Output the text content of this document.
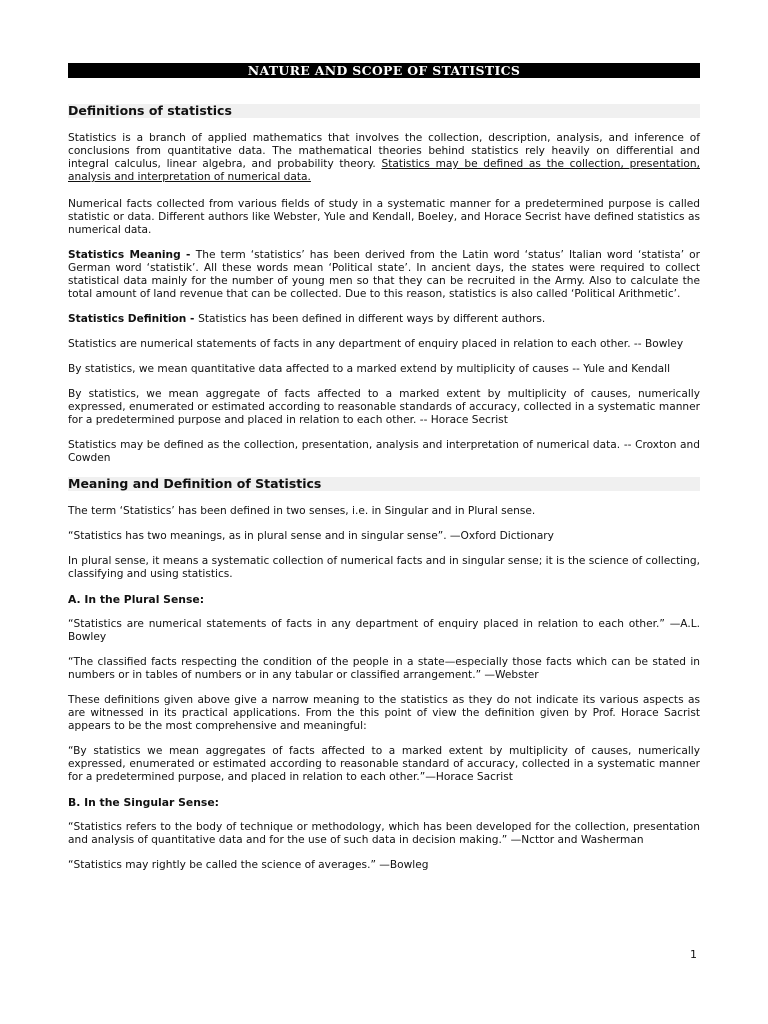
NATURE AND SCOPE OF STATISTICS
Definitions of statistics

Statistics is a branch of applied mathematics that involves the collection, description, analysis, and inference of conclusions from quantitative data. The mathematical theories behind statistics rely heavily on differential and integral calculus, linear algebra, and probability theory. Statistics may be defined as the collection, presentation, analysis and interpretation of numerical data.

Numerical facts collected from various fields of study in a systematic manner for a predetermined purpose is called statistic or data. Different authors like Webster, Yule and Kendall, Boeley, and Horace Secrist have defined statistics as numerical data.

Statistics Meaning - The term ‘statistics’ has been derived from the Latin word ‘status’ Italian word ‘statista’ or German word ‘statistik’. All these words mean ‘Political state’. In ancient days, the states were required to collect statistical data mainly for the number of young men so that they can be recruited in the Army. Also to calculate the total amount of land revenue that can be collected. Due to this reason, statistics is also called ‘Political Arithmetic’.

Statistics Definition - Statistics has been defined in different ways by different authors.

Statistics are numerical statements of facts in any department of enquiry placed in relation to each other. -- Bowley

By statistics, we mean quantitative data affected to a marked extend by multiplicity of causes -- Yule and Kendall

By statistics, we mean aggregate of facts affected to a marked extent by multiplicity of causes, numerically expressed, enumerated or estimated according to reasonable standards of accuracy, collected in a systematic manner for a predetermined purpose and placed in relation to each other. -- Horace Secrist

Statistics may be defined as the collection, presentation, analysis and interpretation of numerical data. -- Croxton and Cowden

Meaning and Definition of Statistics

The term ‘Statistics’ has been defined in two senses, i.e. in Singular and in Plural sense.

“Statistics has two meanings, as in plural sense and in singular sense”. —Oxford Dictionary

In plural sense, it means a systematic collection of numerical facts and in singular sense; it is the science of collecting, classifying and using statistics.

A. In the Plural Sense:

“Statistics are numerical statements of facts in any department of enquiry placed in relation to each other.” —A.L. Bowley

“The classified facts respecting the condition of the people in a state—especially those facts which can be stated in numbers or in tables of numbers or in any tabular or classified arrangement.” —Webster

These definitions given above give a narrow meaning to the statistics as they do not indicate its various aspects as are witnessed in its practical applications. From the this point of view the definition given by Prof. Horace Sacrist appears to be the most comprehensive and meaningful:

“By statistics we mean aggregates of facts affected to a marked extent by multiplicity of causes, numerically expressed, enumerated or estimated according to reasonable standard of accuracy, collected in a systematic manner for a predetermined purpose, and placed in relation to each other.”—Horace Sacrist

B. In the Singular Sense:

“Statistics refers to the body of technique or methodology, which has been developed for the collection, presentation and analysis of quantitative data and for the use of such data in decision making.” —Ncttor and Washerman

“Statistics may rightly be called the science of averages.” —Bowleg

1
